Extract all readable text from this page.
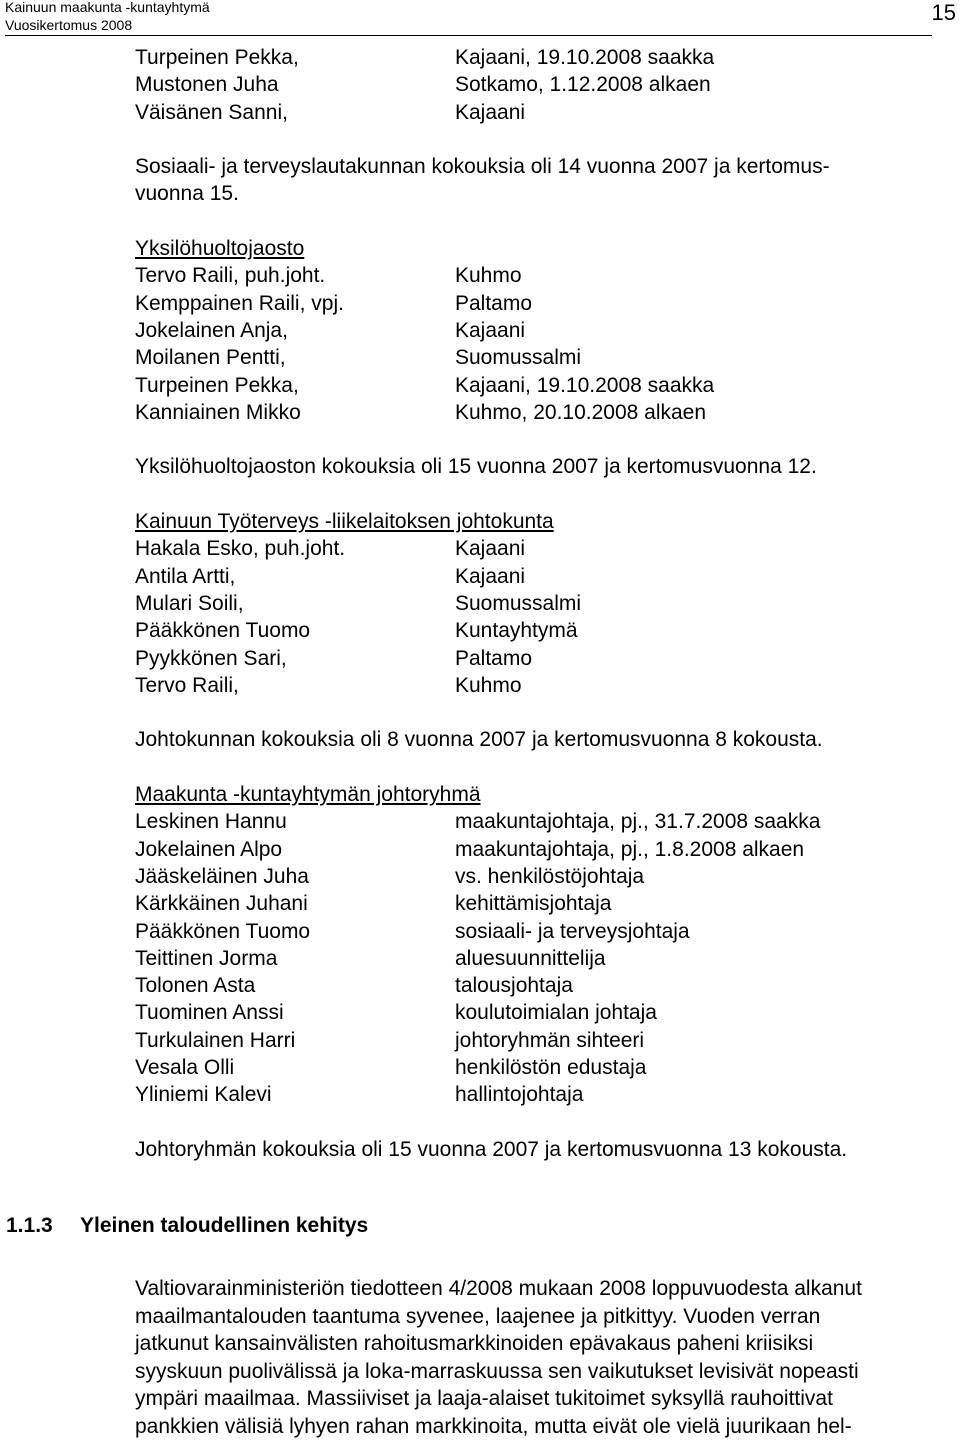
Kainuun maakunta -kuntayhtymä
Vuosikertomus 2008	15
Turpeinen Pekka,	Kajaani, 19.10.2008 saakka
Mustonen Juha	Sotkamo, 1.12.2008 alkaen
Väisänen Sanni,	Kajaani
Sosiaali- ja terveyslautakunnan kokouksia oli 14 vuonna 2007 ja kertomus-
vuonna 15.
Yksilöhuoltojaosto
Tervo Raili, puh.joht.	Kuhmo
Kemppainen Raili, vpj.	Paltamo
Jokelainen Anja,	Kajaani
Moilanen Pentti,	Suomussalmi
Turpeinen Pekka,	Kajaani, 19.10.2008 saakka
Kanniainen Mikko	Kuhmo, 20.10.2008 alkaen
Yksilöhuoltojaoston kokouksia oli 15 vuonna 2007 ja kertomusvuonna 12.
Kainuun Työterveys -liikelaitoksen johtokunta
Hakala Esko, puh.joht.	Kajaani
Antila Artti,	Kajaani
Mulari Soili,	Suomussalmi
Pääkkönen Tuomo	Kuntayhtymä
Pyykkönen Sari,	Paltamo
Tervo Raili,	Kuhmo
Johtokunnan kokouksia oli 8 vuonna 2007 ja kertomusvuonna 8 kokousta.
Maakunta -kuntayhtymän johtoryhmä
Leskinen Hannu	maakuntajohtaja, pj., 31.7.2008 saakka
Jokelainen Alpo	maakuntajohtaja, pj., 1.8.2008 alkaen
Jääskeläinen Juha	vs. henkilöstöjohtaja
Kärkkäinen Juhani	kehittämisjohtaja
Pääkkönen Tuomo	sosiaali- ja terveysjohtaja
Teittinen Jorma	aluesuunnittelija
Tolonen Asta	talousjohtaja
Tuominen Anssi	koulutoimialan johtaja
Turkulainen Harri	johtoryhmän sihteeri
Vesala Olli	henkilöstön edustaja
Yliniemi Kalevi	hallintojohtaja
Johtoryhmän kokouksia oli 15 vuonna 2007 ja kertomusvuonna 13 kokousta.
1.1.3 Yleinen taloudellinen kehitys
Valtiovarainministeriön tiedotteen 4/2008 mukaan 2008 loppuvuodesta alkanut
maailmantalouden taantuma syvenee, laajenee ja pitkittyy. Vuoden verran
jatkunut kansainvälisten rahoitusmarkkinoiden epävakaus paheni kriisiksi
syyskuun puolivälissä ja loka-marraskuussa sen vaikutukset levisivät nopeasti
ympäri maailmaa. Massiiviset ja laaja-alaiset tukitoimet syksyllä rauhoittivat
pankkien välisiä lyhyen rahan markkinoita, mutta eivät ole vielä juurikaan hel-
